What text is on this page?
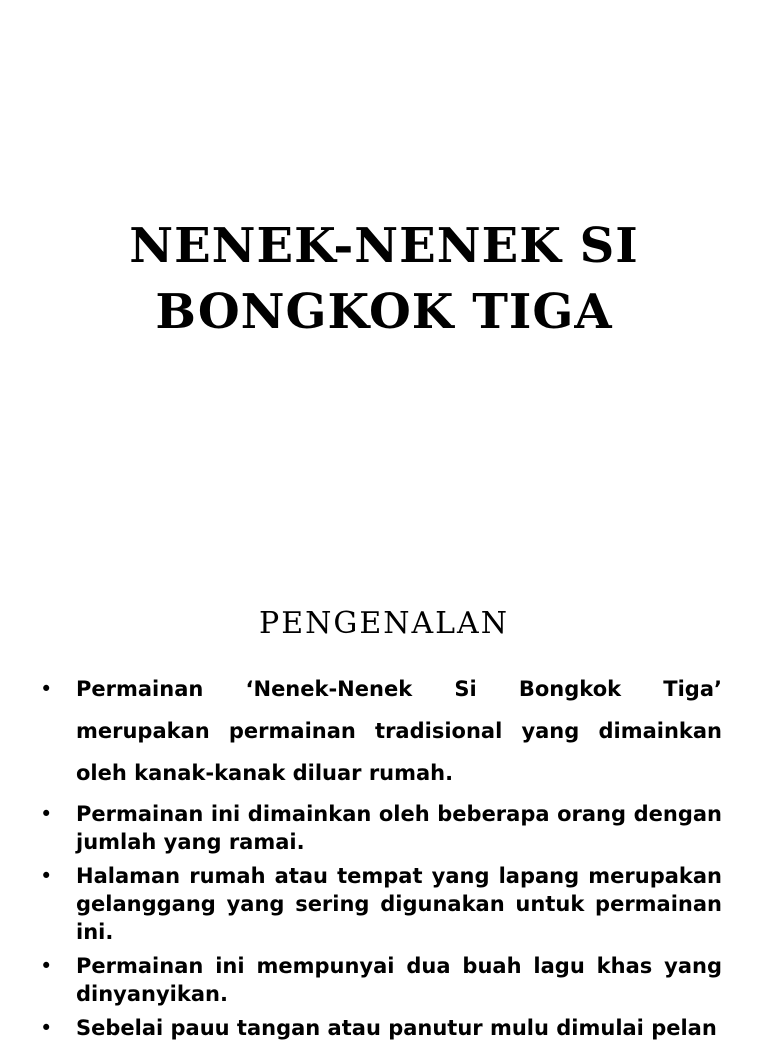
NENEK-NENEK SI
BONGKOK TIGA
PENGENALAN
•	Permainan ‘Nenek-Nenek Si Bongkok Tiga’ merupakan permainan tradisional yang dimainkan oleh kanak-kanak diluar rumah.
•	Permainan ini dimainkan oleh beberapa orang dengan jumlah yang ramai.
•	Halaman rumah atau tempat yang lapang merupakan gelanggang yang sering digunakan untuk permainan ini.
•	Permainan ini mempunyai dua buah lagu khas yang dinyanyikan.
•	Sebelai pauu tangan atau panutur mulu dimulai pelan
